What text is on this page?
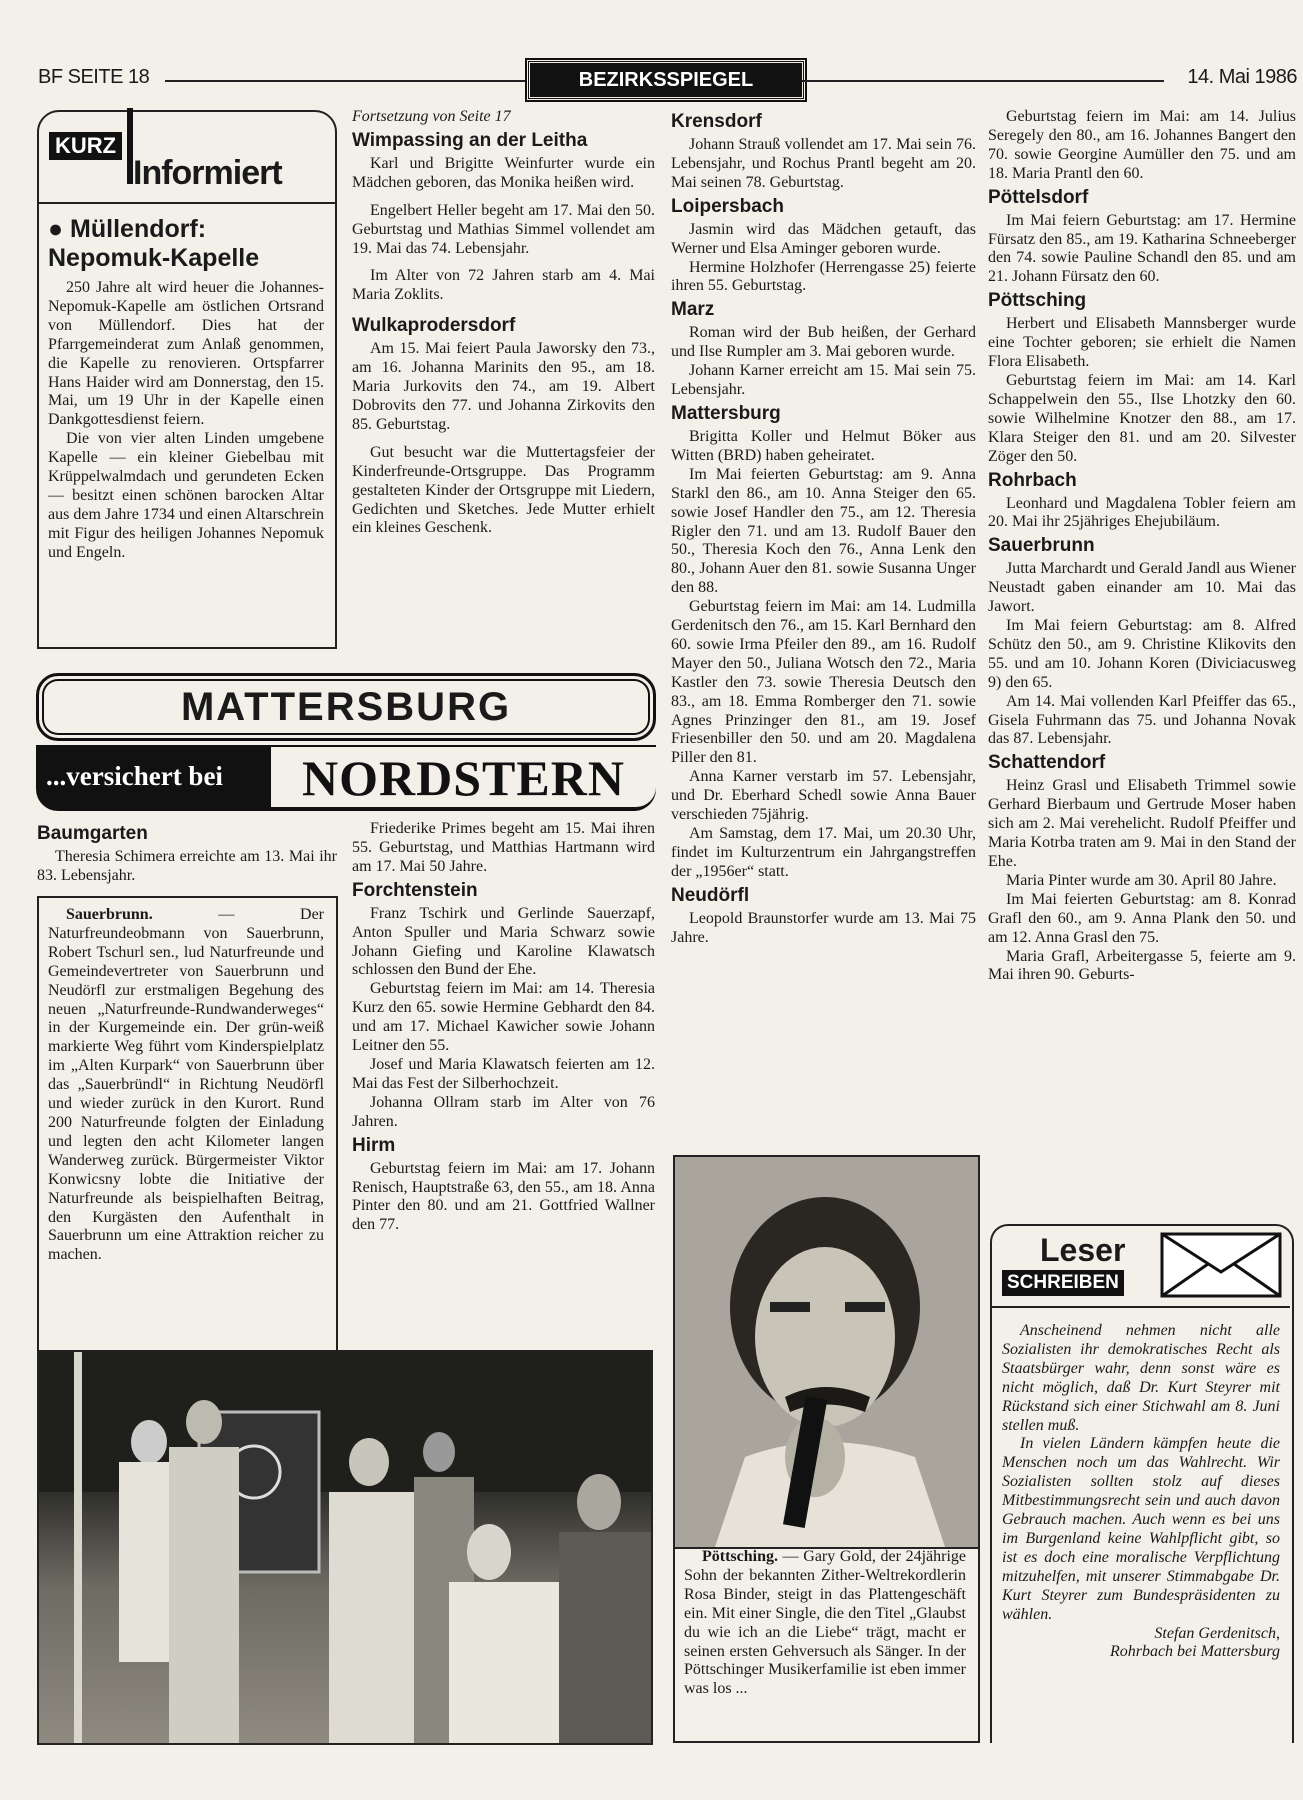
BF SEITE 18	BEZIRKSSPIEGEL	14. Mai 1986
KURZ
Informiert
● Müllendorf: Nepomuk-Kapelle
250 Jahre alt wird heuer die Johannes-Nepomuk-Kapelle am östlichen Ortsrand von Müllendorf. Dies hat der Pfarrgemeinderat zum Anlaß genommen, die Kapelle zu renovieren. Ortspfarrer Hans Haider wird am Donnerstag, den 15. Mai, um 19 Uhr in der Kapelle einen Dankgottesdienst feiern.
Die von vier alten Linden umgebene Kapelle — ein kleiner Giebelbau mit Krüppelwalmdach und gerundeten Ecken — besitzt einen schönen barocken Altar aus dem Jahre 1734 und einen Altarschrein mit Figur des heiligen Johannes Nepomuk und Engeln.
Fortsetzung von Seite 17
Wimpassing an der Leitha
Karl und Brigitte Weinfurter wurde ein Mädchen geboren, das Monika heißen wird.
Engelbert Heller begeht am 17. Mai den 50. Geburtstag und Mathias Simmel vollendet am 19. Mai das 74. Lebensjahr.
Im Alter von 72 Jahren starb am 4. Mai Maria Zoklits.
Wulkaprodersdorf
Am 15. Mai feiert Paula Jaworsky den 73., am 16. Johanna Marinits den 95., am 18. Maria Jurkovits den 74., am 19. Albert Dobrovits den 77. und Johanna Zirkovits den 85. Geburtstag.
Gut besucht war die Muttertagsfeier der Kinderfreunde-Ortsgruppe. Das Programm gestalteten Kinder der Ortsgruppe mit Liedern, Gedichten und Sketches. Jede Mutter erhielt ein kleines Geschenk.
Krensdorf
Johann Strauß vollendet am 17. Mai sein 76. Lebensjahr, und Rochus Prantl begeht am 20. Mai seinen 78. Geburtstag.
Loipersbach
Jasmin wird das Mädchen getauft, das Werner und Elsa Aminger geboren wurde.
Hermine Holzhofer (Herrengasse 25) feierte ihren 55. Geburtstag.
Marz
Roman wird der Bub heißen, der Gerhard und Ilse Rumpler am 3. Mai geboren wurde.
Johann Karner erreicht am 15. Mai sein 75. Lebensjahr.
Mattersburg
Brigitta Koller und Helmut Böker aus Witten (BRD) haben geheiratet.
Im Mai feierten Geburtstag: am 9. Anna Starkl den 86., am 10. Anna Steiger den 65. sowie Josef Handler den 75., am 12. Theresia Rigler den 71. und am 13. Rudolf Bauer den 50., Theresia Koch den 76., Anna Lenk den 80., Johann Auer den 81. sowie Susanna Unger den 88.
Geburtstag feiern im Mai: am 14. Ludmilla Gerdenitsch den 76., am 15. Karl Bernhard den 60. sowie Irma Pfeiler den 89., am 16. Rudolf Mayer den 50., Juliana Wotsch den 72., Maria Kastler den 73. sowie Theresia Deutsch den 83., am 18. Emma Romberger den 71. sowie Agnes Prinzinger den 81., am 19. Josef Friesenbiller den 50. und am 20. Magdalena Piller den 81.
Anna Karner verstarb im 57. Lebensjahr, und Dr. Eberhard Schedl sowie Anna Bauer verschieden 75jährig.
Am Samstag, dem 17. Mai, um 20.30 Uhr, findet im Kulturzentrum ein Jahrgangstreffen der „1956er“ statt.
Neudörfl
Leopold Braunstorfer wurde am 13. Mai 75 Jahre.
Geburtstag feiern im Mai: am 14. Julius Seregely den 80., am 16. Johannes Bangert den 70. sowie Georgine Aumüller den 75. und am 18. Maria Prantl den 60.
Pöttelsdorf
Im Mai feiern Geburtstag: am 17. Hermine Fürsatz den 85., am 19. Katharina Schneeberger den 74. sowie Pauline Schandl den 85. und am 21. Johann Fürsatz den 60.
Pöttsching
Herbert und Elisabeth Mannsberger wurde eine Tochter geboren; sie erhielt die Namen Flora Elisabeth.
Geburtstag feiern im Mai: am 14. Karl Schappelwein den 55., Ilse Lhotzky den 60. sowie Wilhelmine Knotzer den 88., am 17. Klara Steiger den 81. und am 20. Silvester Zöger den 50.
Rohrbach
Leonhard und Magdalena Tobler feiern am 20. Mai ihr 25jähriges Ehejubiläum.
Sauerbrunn
Jutta Marchardt und Gerald Jandl aus Wiener Neustadt gaben einander am 10. Mai das Jawort.
Im Mai feiern Geburtstag: am 8. Alfred Schütz den 50., am 9. Christine Klikovits den 55. und am 10. Johann Koren (Diviciacusweg 9) den 65.
Am 14. Mai vollenden Karl Pfeiffer das 65., Gisela Fuhrmann das 75. und Johanna Novak das 87. Lebensjahr.
Schattendorf
Heinz Grasl und Elisabeth Trimmel sowie Gerhard Bierbaum und Gertrude Moser haben sich am 2. Mai verehelicht. Rudolf Pfeiffer und Maria Kotrba traten am 9. Mai in den Stand der Ehe.
Maria Pinter wurde am 30. April 80 Jahre.
Im Mai feierten Geburtstag: am 8. Konrad Grafl den 60., am 9. Anna Plank den 50. und am 12. Anna Grasl den 75.
Maria Grafl, Arbeitergasse 5, feierte am 9. Mai ihren 90. Geburts-
MATTERSBURG
...versichert bei	NORDSTERN
Baumgarten
Theresia Schimera erreichte am 13. Mai ihr 83. Lebensjahr.

Sauerbrunn. — Der Naturfreundeobmann von Sauerbrunn, Robert Tschurl sen., lud Naturfreunde und Gemeindevertreter von Sauerbrunn und Neudörfl zur erstmaligen Begehung des neuen „Naturfreunde-Rundwanderweges“ in der Kurgemeinde ein. Der grün-weiß markierte Weg führt vom Kinderspielplatz im „Alten Kurpark“ von Sauerbrunn über das „Sauerbründl“ in Richtung Neudörfl und wieder zurück in den Kurort. Rund 200 Naturfreunde folgten der Einladung und legten den acht Kilometer langen Wanderweg zurück. Bürgermeister Viktor Konwicsny lobte die Initiative der Naturfreunde als beispielhaften Beitrag, den Kurgästen den Aufenthalt in Sauerbrunn um eine Attraktion reicher zu machen.

Friederike Primes begeht am 15. Mai ihren 55. Geburtstag, und Matthias Hartmann wird am 17. Mai 50 Jahre.
Forchtenstein
Franz Tschirk und Gerlinde Sauerzapf, Anton Spuller und Maria Schwarz sowie Johann Giefing und Karoline Klawatsch schlossen den Bund der Ehe.
Geburtstag feiern im Mai: am 14. Theresia Kurz den 65. sowie Hermine Gebhardt den 84. und am 17. Michael Kawicher sowie Johann Leitner den 55.
Josef und Maria Klawatsch feierten am 12. Mai das Fest der Silberhochzeit.
Johanna Ollram starb im Alter von 76 Jahren.
Hirm
Geburtstag feiern im Mai: am 17. Johann Renisch, Hauptstraße 63, den 55., am 18. Anna Pinter den 80. und am 21. Gottfried Wallner den 77.

Pöttsching. — Gary Gold, der 24jährige Sohn der bekannten Zither-Weltrekordlerin Rosa Binder, steigt in das Plattengeschäft ein. Mit einer Single, die den Titel „Glaubst du wie ich an die Liebe“ trägt, macht er seinen ersten Gehversuch als Sänger. In der Pöttschinger Musikerfamilie ist eben immer was los ...

Leser
SCHREIBEN

Anscheinend nehmen nicht alle Sozialisten ihr demokratisches Recht als Staatsbürger wahr, denn sonst wäre es nicht möglich, daß Dr. Kurt Steyrer mit Rückstand sich einer Stichwahl am 8. Juni stellen muß.

In vielen Ländern kämpfen heute die Menschen noch um das Wahlrecht. Wir Sozialisten sollten stolz auf dieses Mitbestimmungsrecht sein und auch davon Gebrauch machen. Auch wenn es bei uns im Burgenland keine Wahlpflicht gibt, so ist es doch eine moralische Verpflichtung mitzuhelfen, mit unserer Stimmabgabe Dr. Kurt Steyrer zum Bundespräsidenten zu wählen.

Stefan Gerdenitsch,
Rohrbach bei Mattersburg
